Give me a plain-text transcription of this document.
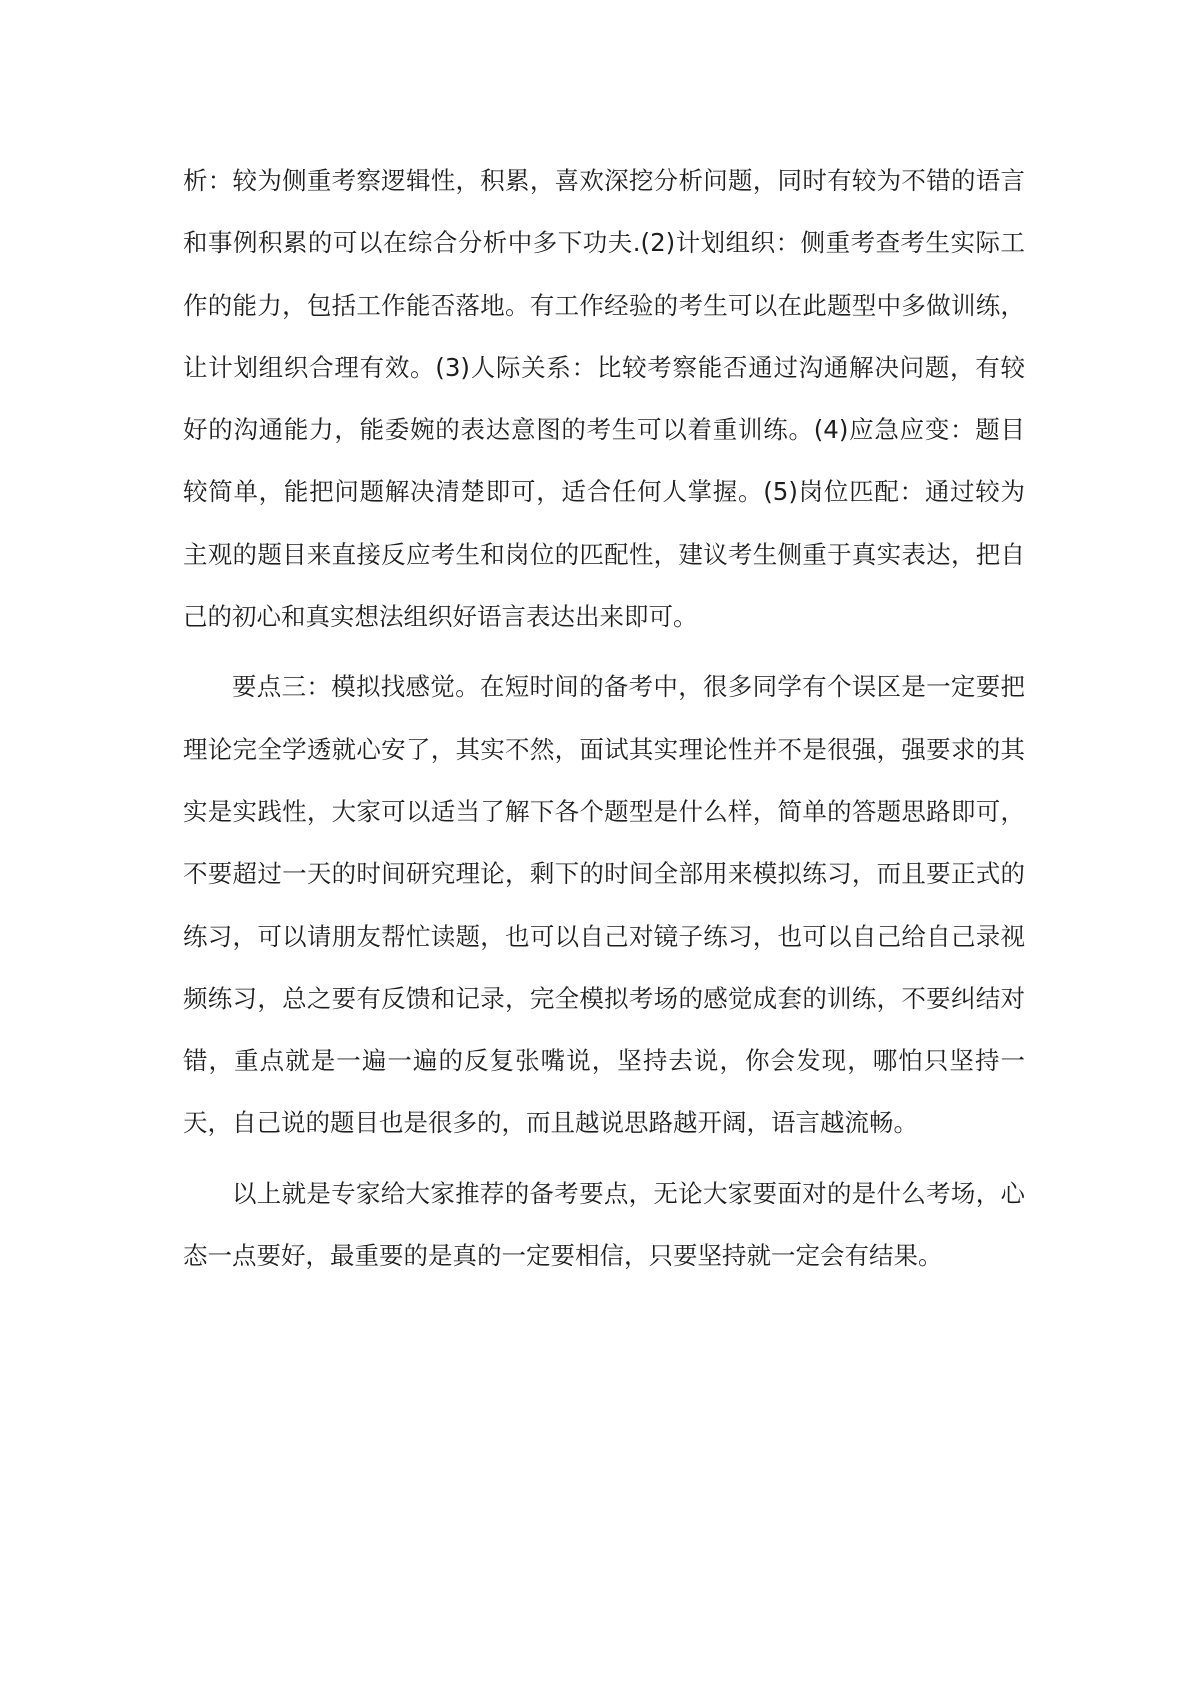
析：较为侧重考察逻辑性，积累，喜欢深挖分析问题，同时有较为不错的语言和事例积累的可以在综合分析中多下功夫.(2)计划组织：侧重考查考生实际工作的能力，包括工作能否落地。有工作经验的考生可以在此题型中多做训练，让计划组织合理有效。(3)人际关系：比较考察能否通过沟通解决问题，有较好的沟通能力，能委婉的表达意图的考生可以着重训练。(4)应急应变：题目较简单，能把问题解决清楚即可，适合任何人掌握。(5)岗位匹配：通过较为主观的题目来直接反应考生和岗位的匹配性，建议考生侧重于真实表达，把自己的初心和真实想法组织好语言表达出来即可。

要点三：模拟找感觉。在短时间的备考中，很多同学有个误区是一定要把理论完全学透就心安了，其实不然，面试其实理论性并不是很强，强要求的其实是实践性，大家可以适当了解下各个题型是什么样，简单的答题思路即可，不要超过一天的时间研究理论，剩下的时间全部用来模拟练习，而且要正式的练习，可以请朋友帮忙读题，也可以自己对镜子练习，也可以自己给自己录视频练习，总之要有反馈和记录，完全模拟考场的感觉成套的训练，不要纠结对错，重点就是一遍一遍的反复张嘴说，坚持去说，你会发现，哪怕只坚持一天，自己说的题目也是很多的，而且越说思路越开阔，语言越流畅。

以上就是专家给大家推荐的备考要点，无论大家要面对的是什么考场，心态一点要好，最重要的是真的一定要相信，只要坚持就一定会有结果。
